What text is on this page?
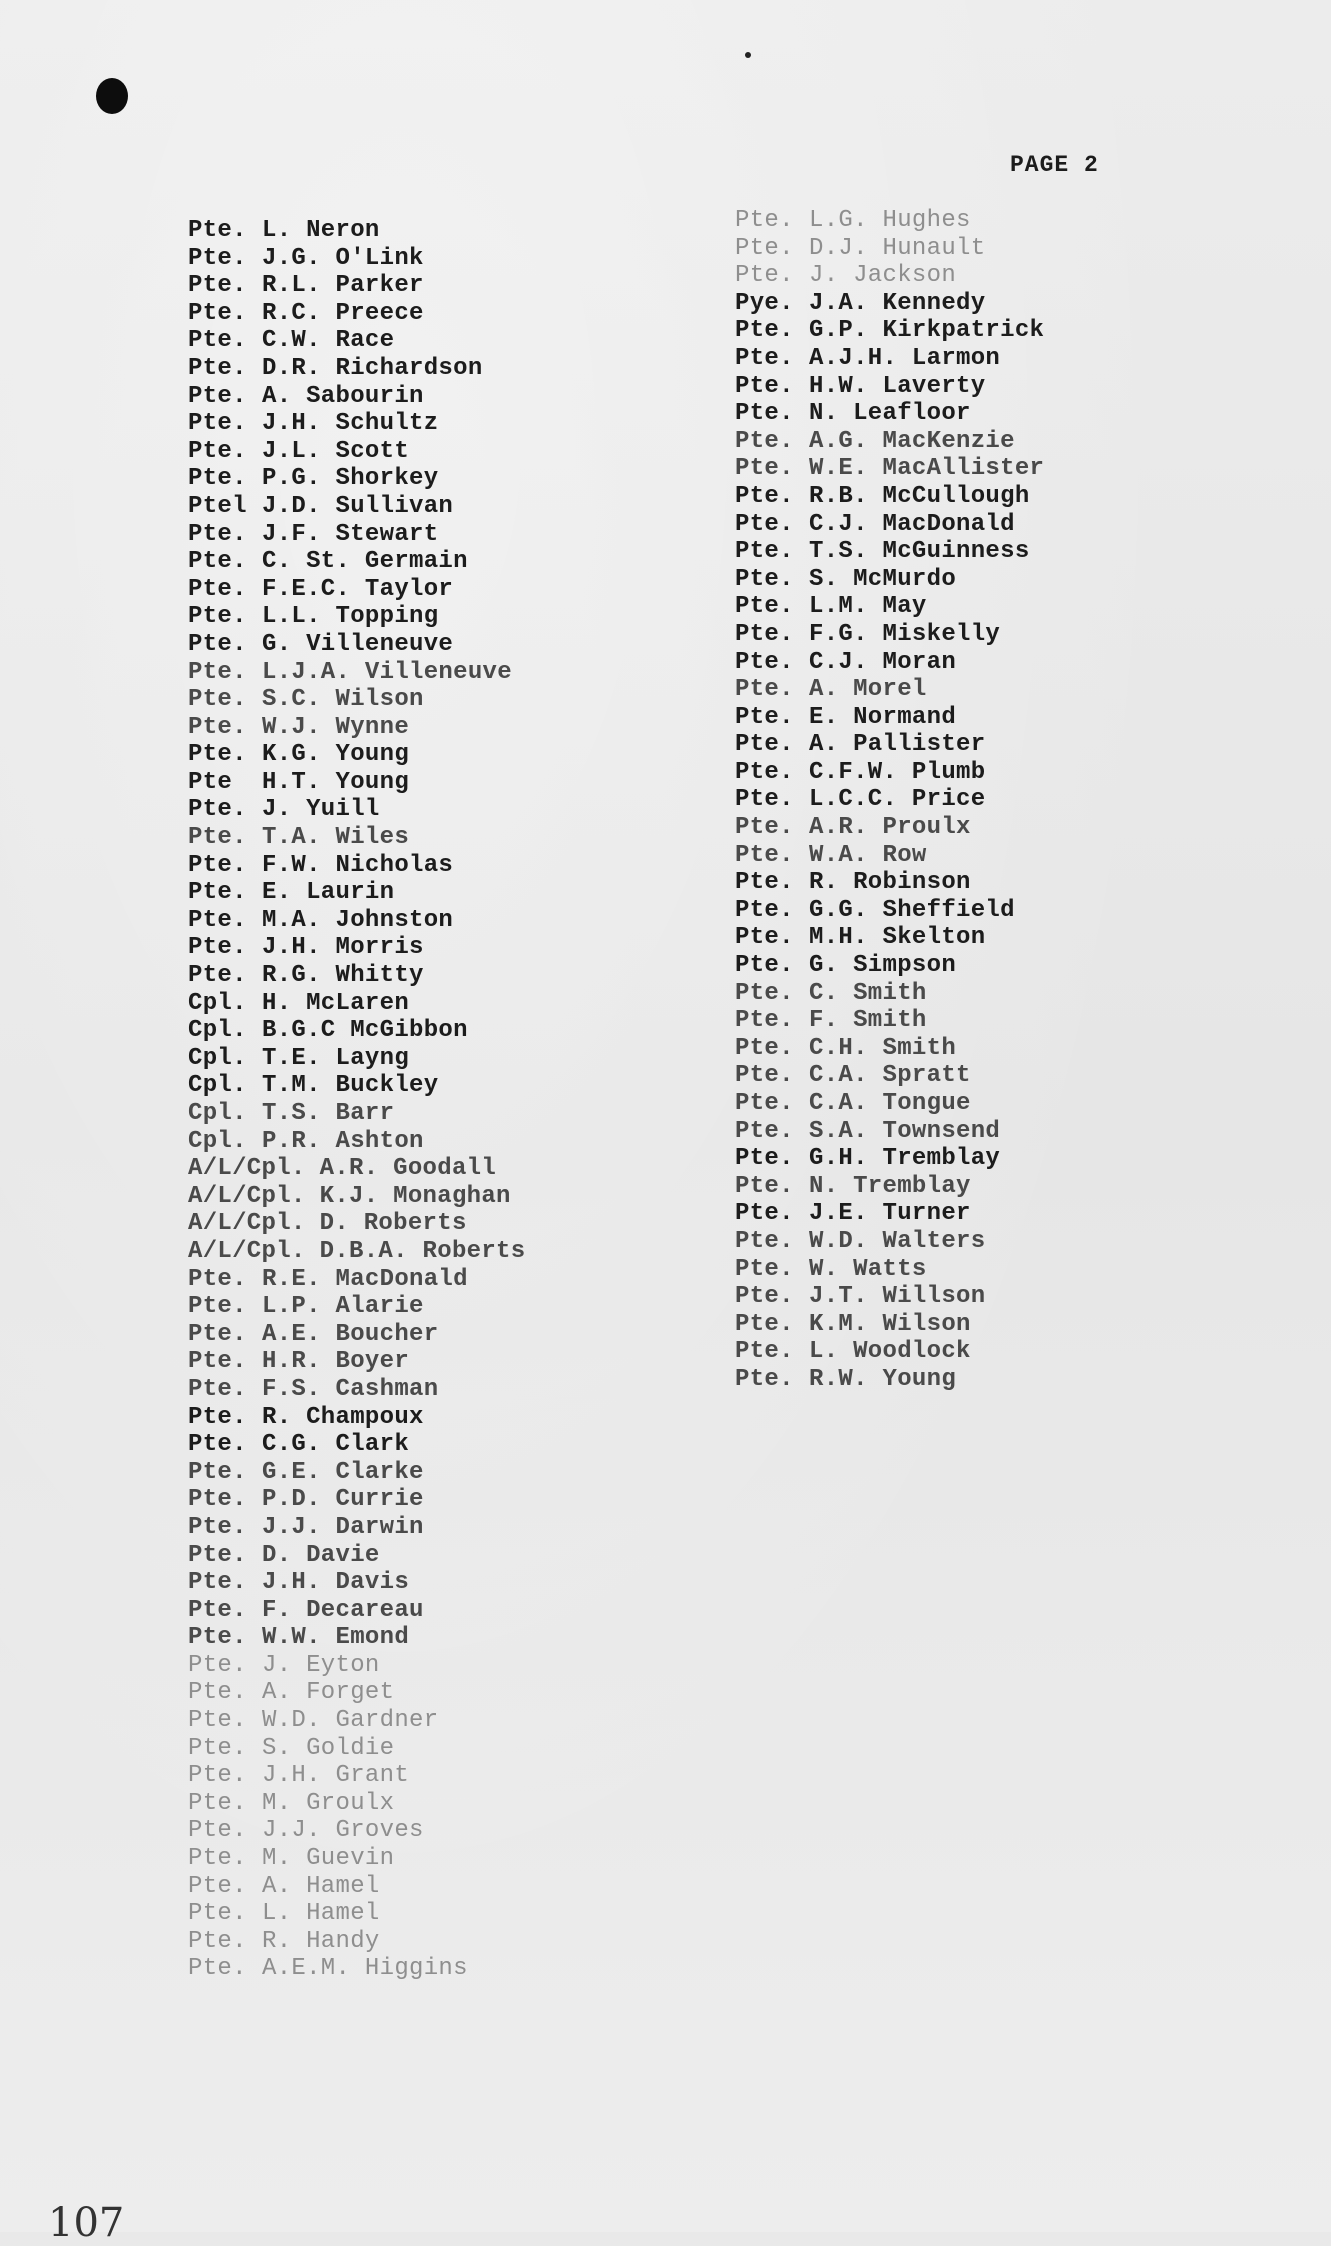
PAGE 2
Pte. L. Neron
Pte. J.G. O'Link
Pte. R.L. Parker
Pte. R.C. Preece
Pte. C.W. Race
Pte. D.R. Richardson
Pte. A. Sabourin
Pte. J.H. Schultz
Pte. J.L. Scott
Pte. P.G. Shorkey
Ptel J.D. Sullivan
Pte. J.F. Stewart
Pte. C. St. Germain
Pte. F.E.C. Taylor
Pte. L.L. Topping
Pte. G. Villeneuve
Pte. L.J.A. Villeneuve
Pte. S.C. Wilson
Pte. W.J. Wynne
Pte. K.G. Young
Pte H.T. Young
Pte. J. Yuill
Pte. T.A. Wiles
Pte. F.W. Nicholas
Pte. E. Laurin
Pte. M.A. Johnston
Pte. J.H. Morris
Pte. R.G. Whitty
Cpl. H. McLaren
Cpl. B.G.C McGibbon
Cpl. T.E. Layng
Cpl. T.M. Buckley
Cpl. T.S. Barr
Cpl. P.R. Ashton
A/L/Cpl. A.R. Goodall
A/L/Cpl. K.J. Monaghan
A/L/Cpl. D. Roberts
A/L/Cpl. D.B.A. Roberts
Pte. R.E. MacDonald
Pte. L.P. Alarie
Pte. A.E. Boucher
Pte. H.R. Boyer
Pte. F.S. Cashman
Pte. R. Champoux
Pte. C.G. Clark
Pte. G.E. Clarke
Pte. P.D. Currie
Pte. J.J. Darwin
Pte. D. Davie
Pte. J.H. Davis
Pte. F. Decareau
Pte. W.W. Emond
Pte. J. Eyton
Pte. A. Forget
Pte. W.D. Gardner
Pte. S. Goldie
Pte. J.H. Grant
Pte. M. Groulx
Pte. J.J. Groves
Pte. M. Guevin
Pte. A. Hamel
Pte. L. Hamel
Pte. R. Handy
Pte. A.E.M. Higgins
Pte. L.G. Hughes
Pte. D.J. Hunault
Pte. J. Jackson
Pye. J.A. Kennedy
Pte. G.P. Kirkpatrick
Pte. A.J.H. Larmon
Pte. H.W. Laverty
Pte. N. Leafloor
Pte. A.G. MacKenzie
Pte. W.E. MacAllister
Pte. R.B. McCullough
Pte. C.J. MacDonald
Pte. T.S. McGuinness
Pte. S. McMurdo
Pte. L.M. May
Pte. F.G. Miskelly
Pte. C.J. Moran
Pte. A. Morel
Pte. E. Normand
Pte. A. Pallister
Pte. C.F.W. Plumb
Pte. L.C.C. Price
Pte. A.R. Proulx
Pte. W.A. Row
Pte. R. Robinson
Pte. G.G. Sheffield
Pte. M.H. Skelton
Pte. G. Simpson
Pte. C. Smith
Pte. F. Smith
Pte. C.H. Smith
Pte. C.A. Spratt
Pte. C.A. Tongue
Pte. S.A. Townsend
Pte. G.H. Tremblay
Pte. N. Tremblay
Pte. J.E. Turner
Pte. W.D. Walters
Pte. W. Watts
Pte. J.T. Willson
Pte. K.M. Wilson
Pte. L. Woodlock
Pte. R.W. Young
107
